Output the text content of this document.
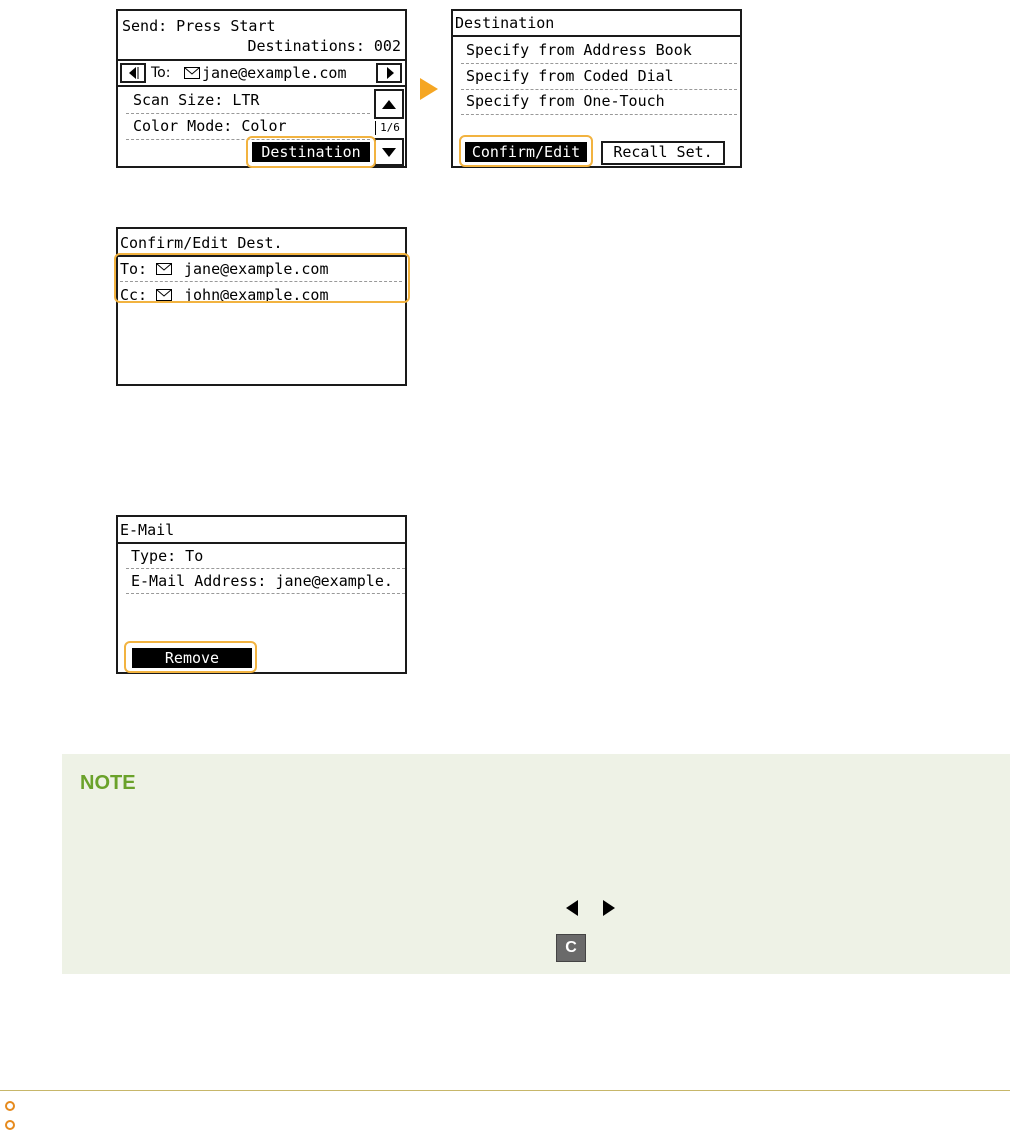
Send: Press Start
Destinations: 002
To: jane@example.com
Scan Size: LTR
Color Mode: Color	1/6
Destination
Destination
Specify from Address Book
Specify from Coded Dial
Specify from One-Touch
Confirm/Edit	Recall Set.
Confirm/Edit Dest.
To: jane@example.com
Cc: john@example.com
E-Mail
Type: To
E-Mail Address: jane@example.
Remove
NOTE
C
